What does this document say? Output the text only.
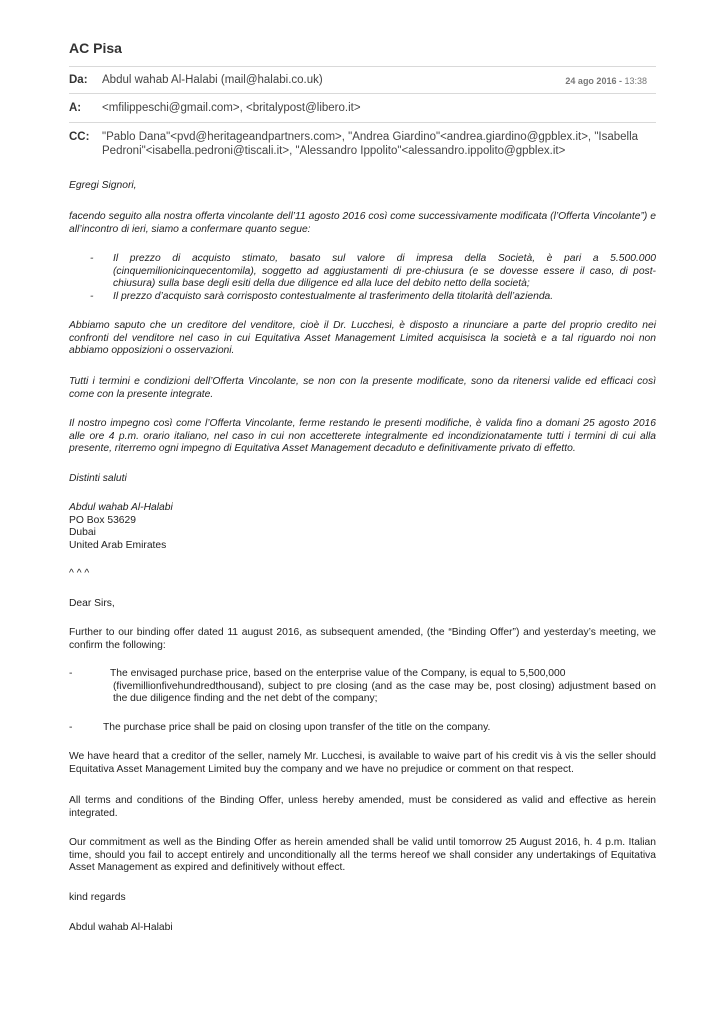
AC Pisa
Da: Abdul wahab Al-Halabi (mail@halabi.co.uk)	24 ago 2016 - 13:38
A: <mfilippeschi@gmail.com>, <britalypost@libero.it>
CC: "Pablo Dana"<pvd@heritageandpartners.com>, "Andrea Giardino"<andrea.giardino@gpblex.it>, "Isabella Pedroni"<isabella.pedroni@tiscali.it>, "Alessandro Ippolito"<alessandro.ippolito@gpblex.it>
Egregi Signori,
facendo seguito alla nostra offerta vincolante dell’11 agosto 2016 così come successivamente modificata (l’Offerta Vincolante”) e all’incontro di ieri, siamo a confermare quanto segue:
- Il prezzo di acquisto stimato, basato sul valore di impresa della Società, è pari a 5.500.000 (cinquemilionicinquecentomila), soggetto ad aggiustamenti di pre-chiusura (e se dovesse essere il caso, di post-chiusura) sulla base degli esiti della due diligence ed alla luce del debito netto della società;
- Il prezzo d’acquisto sarà corrisposto contestualmente al trasferimento della titolarità dell’azienda.
Abbiamo saputo che un creditore del venditore, cioè il Dr. Lucchesi, è disposto a rinunciare a parte del proprio credito nei confronti del venditore nel caso in cui Equitativa Asset Management Limited acquisisca la società e a tal riguardo noi non abbiamo opposizioni o osservazioni.
Tutti i termini e condizioni dell’Offerta Vincolante, se non con la presente modificate, sono da ritenersi valide ed efficaci così come con la presente integrate.
Il nostro impegno così come l’Offerta Vincolante, ferme restando le presenti modifiche, è valida fino a domani 25 agosto 2016 alle ore 4 p.m. orario italiano, nel caso in cui non accetterete integralmente ed incondizionatamente tutti i termini di cui alla presente, riterremo ogni impegno di Equitativa Asset Management decaduto e definitivamente privato di effetto.
Distinti saluti
Abdul wahab Al-Halabi
PO Box 53629
Dubai
United Arab Emirates
^ ^ ^
Dear Sirs,
Further to our binding offer dated 11 august 2016, as subsequent amended, (the “Binding Offer”) and yesterday’s meeting, we confirm the following:
-	The envisaged purchase price, based on the enterprise value of the Company, is equal to 5,500,000
(fivemillionfivehundredthousand), subject to pre closing (and as the case may be, post closing) adjustment based on the due diligence finding and the net debt of the company;
-	The purchase price shall be paid on closing upon transfer of the title on the company.
We have heard that a creditor of the seller, namely Mr. Lucchesi, is available to waive part of his credit vis à vis the seller should Equitativa Asset Management Limited buy the company and we have no prejudice or comment on that respect.
All terms and conditions of the Binding Offer, unless hereby amended, must be considered as valid and effective as herein integrated.
Our commitment as well as the Binding Offer as herein amended shall be valid until tomorrow 25 August 2016, h. 4 p.m. Italian time, should you fail to accept entirely and unconditionally all the terms hereof we shall consider any undertakings of Equitativa Asset Management as expired and definitively without effect.
kind regards
Abdul wahab Al-Halabi
